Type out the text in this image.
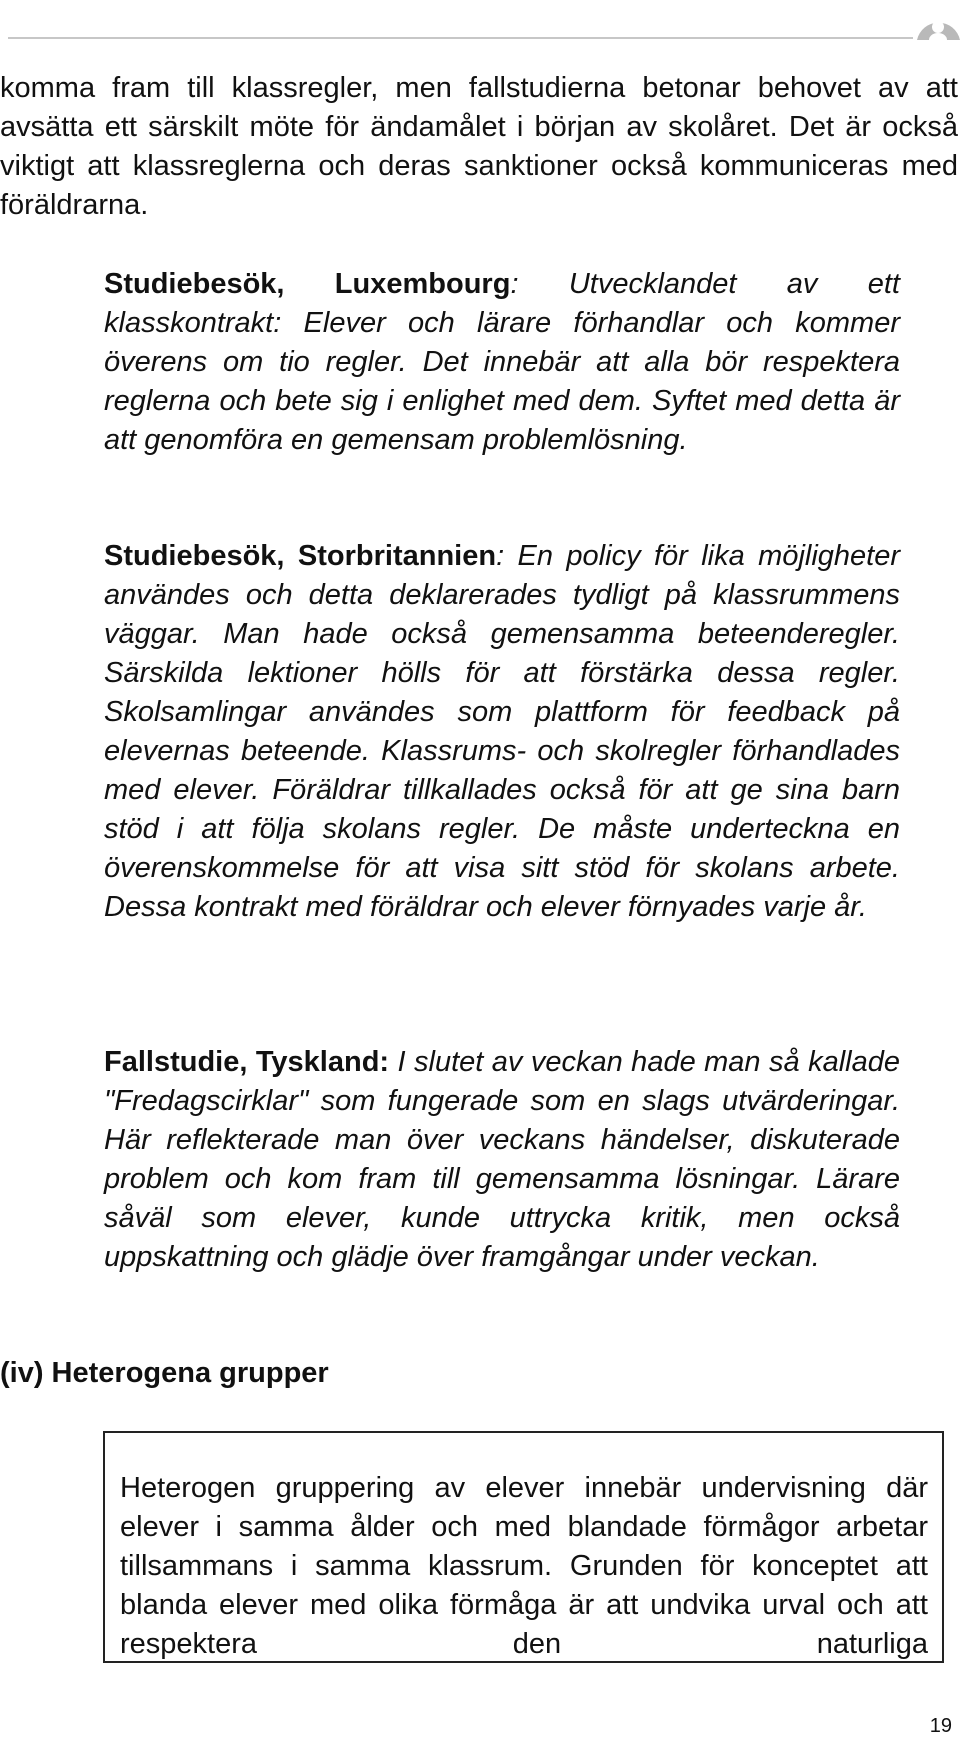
komma fram till klassregler, men fallstudierna betonar behovet av att avsätta ett särskilt möte för ändamålet i början av skolåret. Det är också viktigt att klassreglerna och deras sanktioner också kommuniceras med föräldrarna.

Studiebesök, Luxembourg: Utvecklandet av ett klasskontrakt: Elever och lärare förhandlar och kommer överens om tio regler. Det innebär att alla bör respektera reglerna och bete sig i enlighet med dem. Syftet med detta är att genomföra en gemensam problemlösning.

Studiebesök, Storbritannien: En policy för lika möjligheter användes och detta deklarerades tydligt på klassrummens väggar. Man hade också gemensamma beteenderegler. Särskilda lektioner hölls för att förstärka dessa regler. Skolsamlingar användes som plattform för feedback på elevernas beteende. Klassrums- och skolregler förhandlades med elever. Föräldrar tillkallades också för att ge sina barn stöd i att följa skolans regler. De måste underteckna en överenskommelse för att visa sitt stöd för skolans arbete. Dessa kontrakt med föräldrar och elever förnyades varje år.

Fallstudie, Tyskland: I slutet av veckan hade man så kallade "Fredagscirklar" som fungerade som en slags utvärderingar. Här reflekterade man över veckans händelser, diskuterade problem och kom fram till gemensamma lösningar. Lärare såväl som elever, kunde uttrycka kritik, men också uppskattning och glädje över framgångar under veckan.

(iv) Heterogena grupper

Heterogen gruppering av elever innebär undervisning där elever i samma ålder och med blandade förmågor arbetar tillsammans i samma klassrum. Grunden för konceptet att blanda elever med olika förmåga är att undvika urval och att respektera den naturliga

19
